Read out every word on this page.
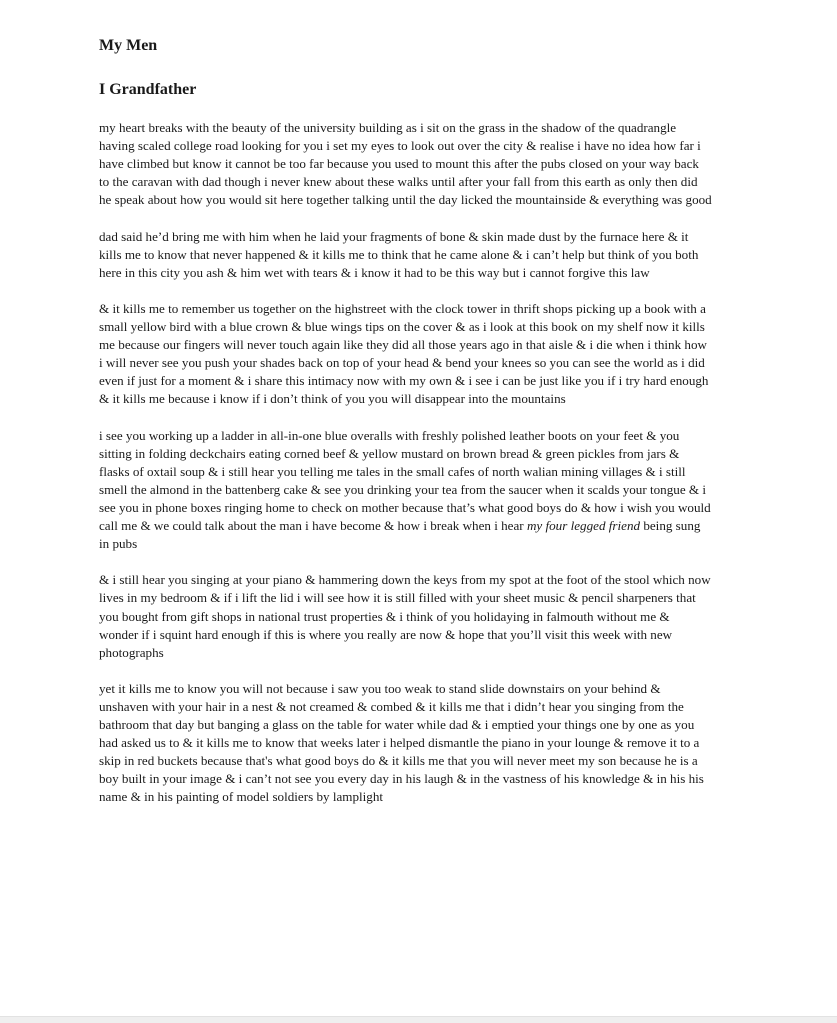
My Men
I Grandfather

my heart breaks with the beauty of the university building as i sit on the grass in the shadow of the quadrangle
having scaled college road looking for you i set my eyes to look out over the city & realise i have no idea how far i
have climbed but know it cannot be too far because you used to mount this after the pubs closed on your way back
to the caravan with dad though i never knew about these walks until after your fall from this earth as only then did
he speak about how you would sit here together talking until the day licked the mountainside & everything was good

dad said he’d bring me with him when he laid your fragments of bone & skin made dust by the furnace here & it
kills me to know that never happened & it kills me to think that he came alone & i can’t help but think of you both
here in this city you ash & him wet with tears & i know it had to be this way but i cannot forgive this law

& it kills me to remember us together on the highstreet with the clock tower in thrift shops picking up a book with a
small yellow bird with a blue crown & blue wings tips on the cover & as i look at this book on my shelf now it kills
me because our fingers will never touch again like they did all those years ago in that aisle & i die when i think how
i will never see you push your shades back on top of your head & bend your knees so you can see the world as i did
even if just for a moment & i share this intimacy now with my own & i see i can be just like you if i try hard enough
& it kills me because i know if i don’t think of you you will disappear into the mountains

i see you working up a ladder in all-in-one blue overalls with freshly polished leather boots on your feet & you
sitting in folding deckchairs eating corned beef & yellow mustard on brown bread & green pickles from jars &
flasks of oxtail soup & i still hear you telling me tales in the small cafes of north walian mining villages & i still
smell the almond in the battenberg cake & see you drinking your tea from the saucer when it scalds your tongue & i
see you in phone boxes ringing home to check on mother because that’s what good boys do & how i wish you would
call me & we could talk about the man i have become & how i break when i hear my four legged friend being sung
in pubs

& i still hear you singing at your piano & hammering down the keys from my spot at the foot of the stool which now
lives in my bedroom & if i lift the lid i will see how it is still filled with your sheet music & pencil sharpeners that
you bought from gift shops in national trust properties & i think of you holidaying in falmouth without me &
wonder if i squint hard enough if this is where you really are now & hope that you’ll visit this week with new
photographs

yet it kills me to know you will not because i saw you too weak to stand slide downstairs on your behind &
unshaven with your hair in a nest & not creamed & combed & it kills me that i didn’t hear you singing from the
bathroom that day but banging a glass on the table for water while dad & i emptied your things one by one as you
had asked us to & it kills me to know that weeks later i helped dismantle the piano in your lounge & remove it to a
skip in red buckets because that's what good boys do & it kills me that you will never meet my son because he is a
boy built in your image & i can’t not see you every day in his laugh & in the vastness of his knowledge & in his his
name & in his painting of model soldiers by lamplight
